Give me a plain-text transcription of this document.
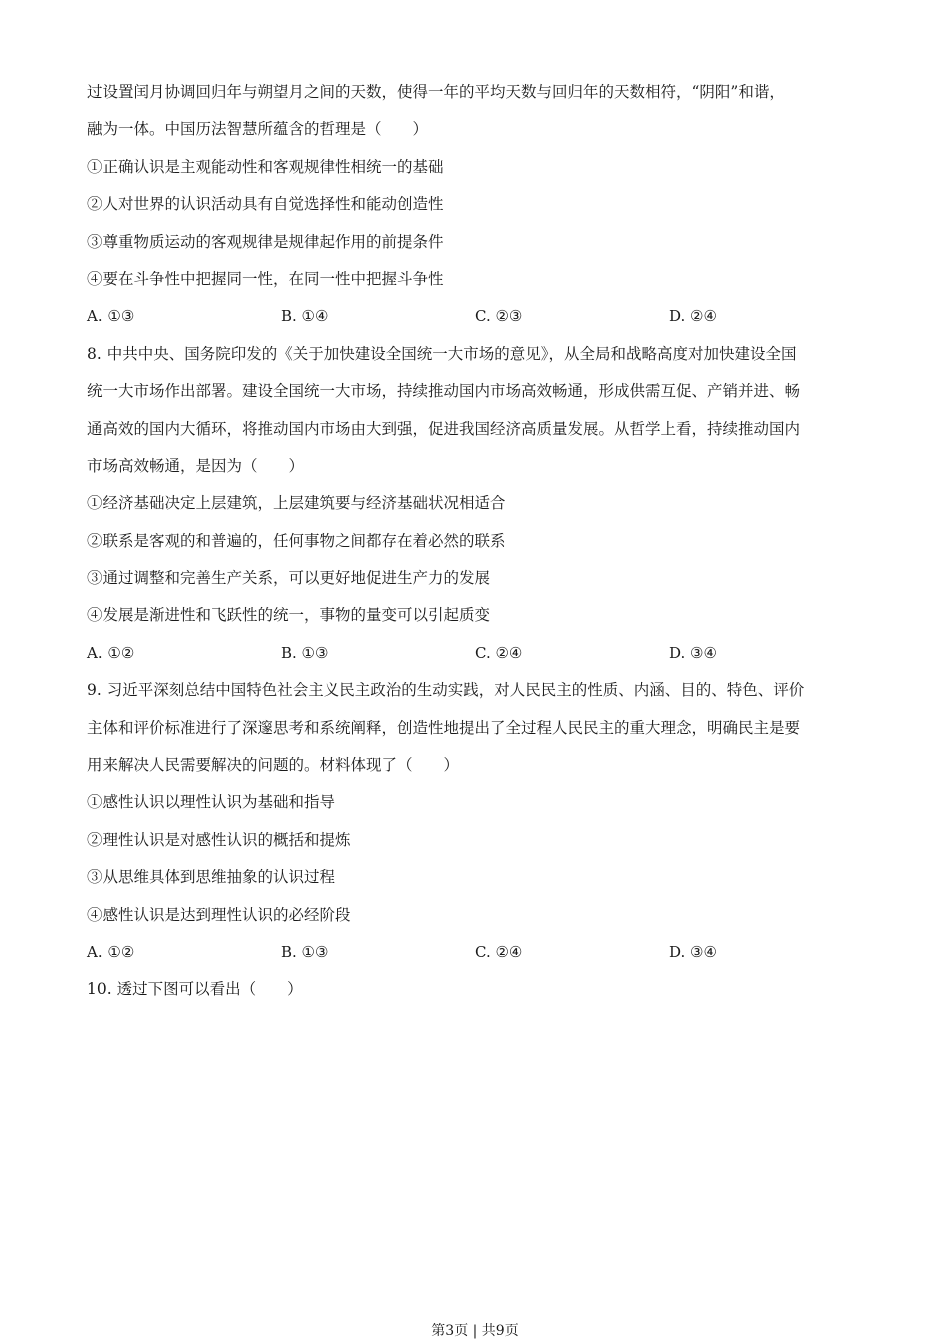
过设置闰月协调回归年与朔望月之间的天数，使得一年的平均天数与回归年的天数相符，“阴阳”和谐，
融为一体。中国历法智慧所蕴含的哲理是（　　）
①正确认识是主观能动性和客观规律性相统一的基础
②人对世界的认识活动具有自觉选择性和能动创造性
③尊重物质运动的客观规律是规律起作用的前提条件
④要在斗争性中把握同一性，在同一性中把握斗争性
A. ①③	B. ①④	C. ②③	D. ②④
8. 中共中央、国务院印发的《关于加快建设全国统一大市场的意见》，从全局和战略高度对加快建设全国
统一大市场作出部署。建设全国统一大市场，持续推动国内市场高效畅通，形成供需互促、产销并进、畅
通高效的国内大循环，将推动国内市场由大到强，促进我国经济高质量发展。从哲学上看，持续推动国内
市场高效畅通，是因为（　　）
①经济基础决定上层建筑，上层建筑要与经济基础状况相适合
②联系是客观的和普遍的，任何事物之间都存在着必然的联系
③通过调整和完善生产关系，可以更好地促进生产力的发展
④发展是渐进性和飞跃性的统一，事物的量变可以引起质变
A. ①②	B. ①③	C. ②④	D. ③④
9. 习近平深刻总结中国特色社会主义民主政治的生动实践，对人民民主的性质、内涵、目的、特色、评价
主体和评价标准进行了深邃思考和系统阐释，创造性地提出了全过程人民民主的重大理念，明确民主是要
用来解决人民需要解决的问题的。材料体现了（　　）
①感性认识以理性认识为基础和指导
②理性认识是对感性认识的概括和提炼
③从思维具体到思维抽象的认识过程
④感性认识是达到理性认识的必经阶段
A. ①②	B. ①③	C. ②④	D. ③④
10. 透过下图可以看出（　　）
第3页 | 共9页
